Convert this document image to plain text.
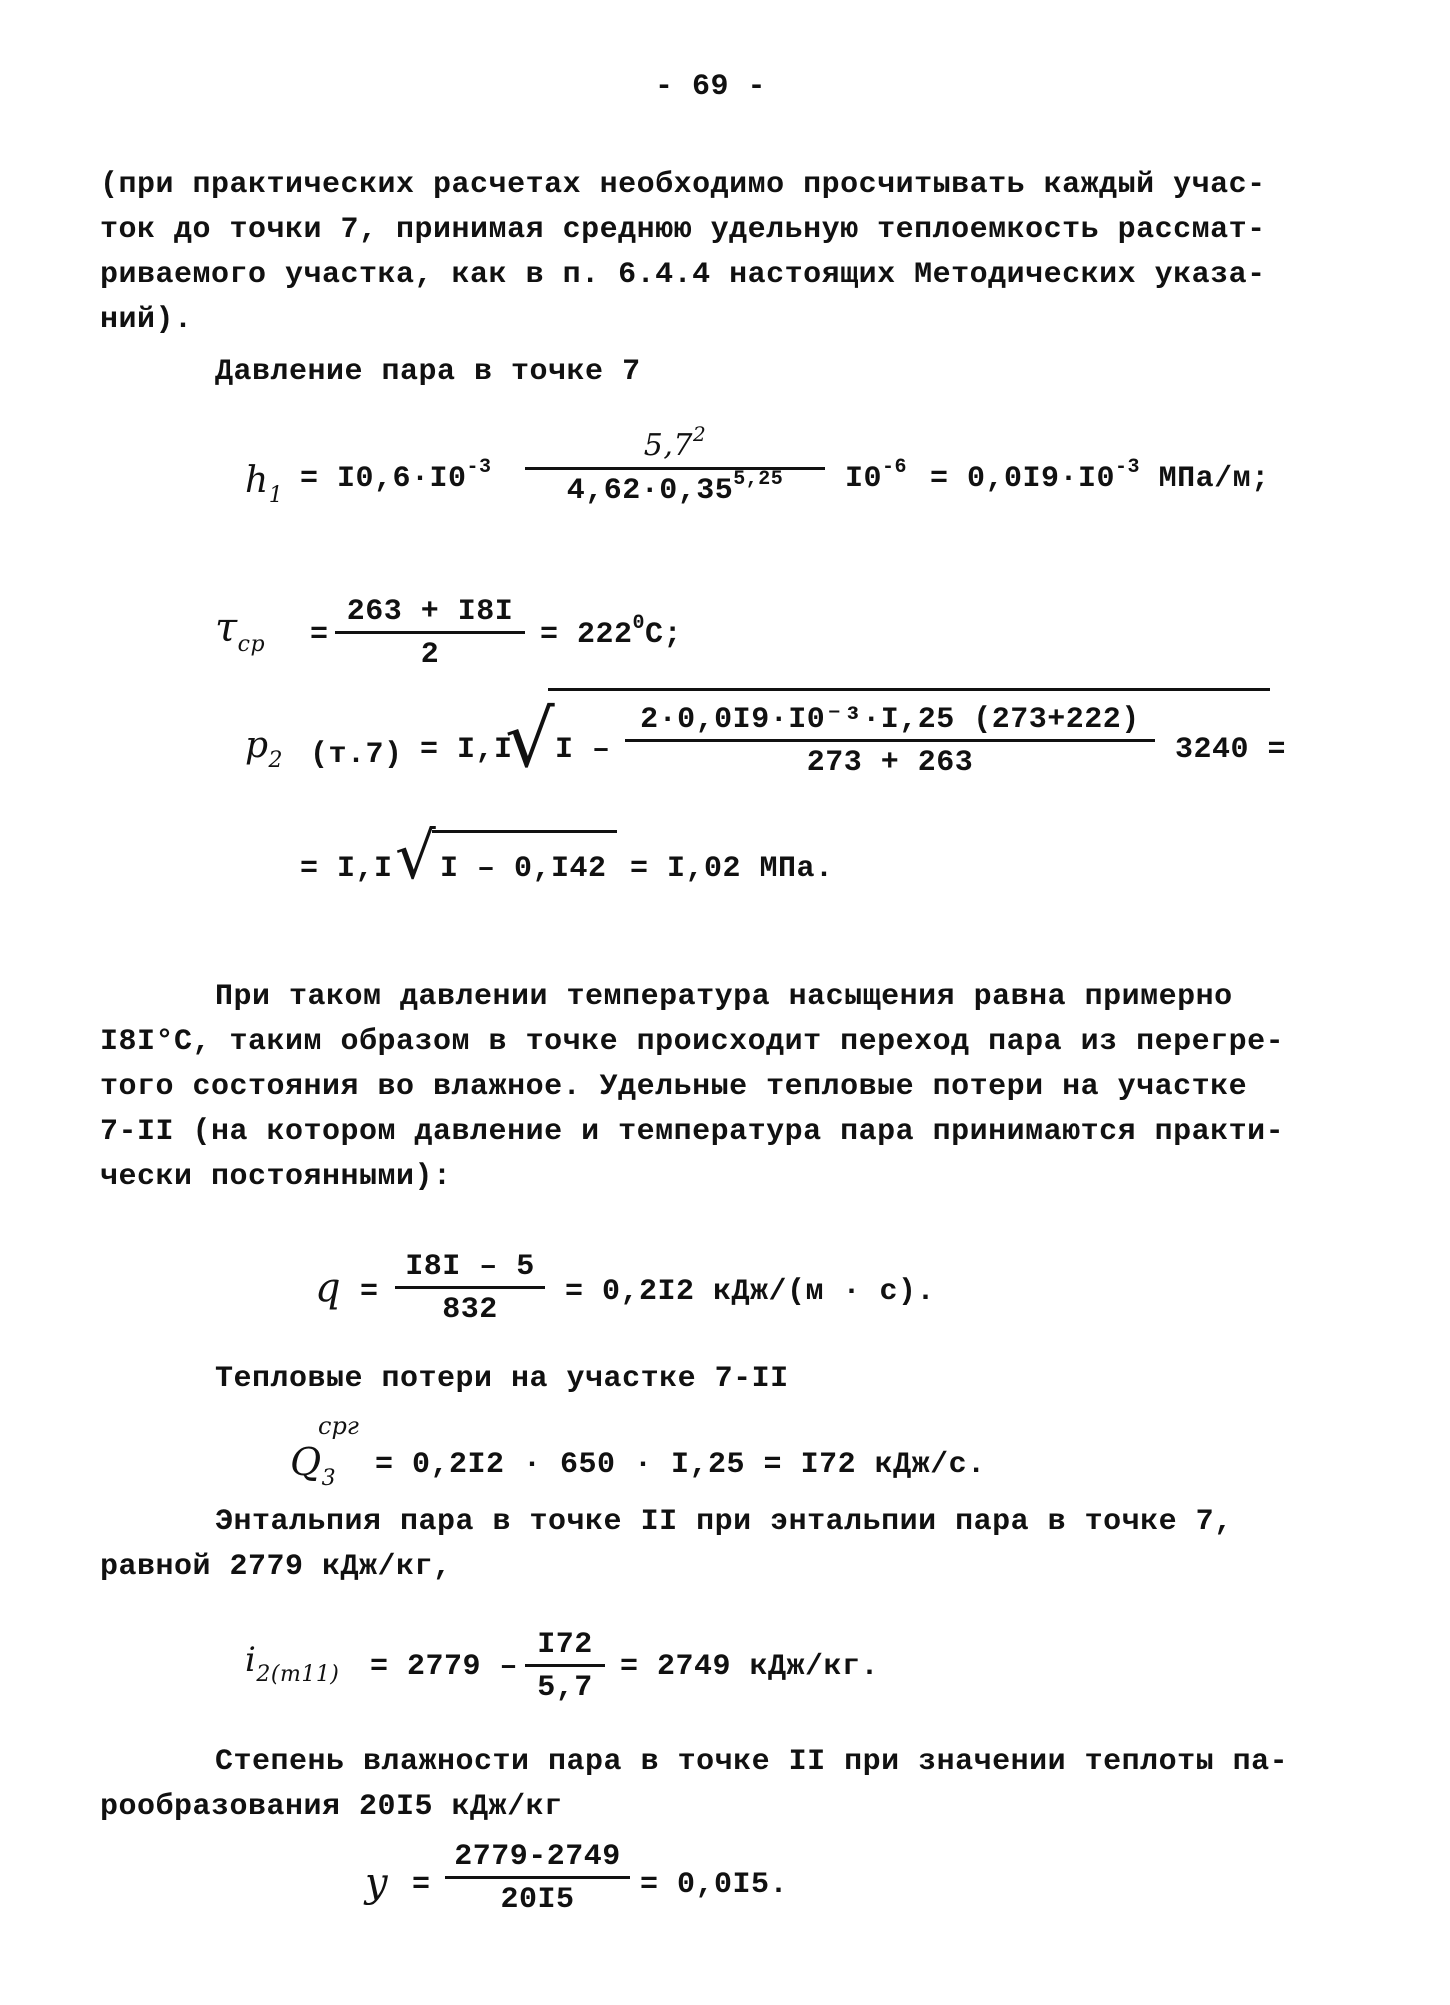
- 69 -
(при практических расчетах необходимо просчитывать каждый учас-
ток до точки 7, принимая среднюю удельную теплоемкость рассмат-
риваемого участка, как в п. 6.4.4 настоящих Методических указа-
ний).
Давление пара в точке 7
$h_1 = I0,6\cdot I0^{-3} \frac{5,7^2}{4,62\cdot 0,35^{5,25}} I0^{-6} = 0,0I9\cdot I0^{-3}$ МПа/м;
$\tau_{ср} = \frac{263 + I8I}{2} = 222^0С$;
$p_2$ (т.7) = I,I
√ I – $\frac{\text{2·0,0I9·I0⁻³·I,25 (273+222)}}{273 + 263} 3240$ =
= I,I √ I – 0,I42 = I,02 МПа.
При таком давлении температура насыщения равна примерно
I8I°С, таким образом в точке происходит переход пара из перегре-
того состояния во влажное. Удельные тепловые потери на участке
7-II (на котором давление и температура пара принимаются практи-
чески постоянными):
$q = \frac{I8I - 5}{832} = 0,2I2$ кДж/(м · с).
Тепловые потери на участке 7-II
$Q_3$
срг
= 0,2I2 · 650 · I,25 = I72 кДж/с.
Энтальпия пара в точке II при энтальпии пара в точке 7,
равной 2779 кДж/кг,
$i_{2(т11)} = 2779 - \frac{I72}{5,7} = 2749$ кДж/кг.
Степень влажности пара в точке II при значении теплоты па-
рообразования 20I5 кДж/кг
$y = \frac{2779-2749}{20I5} = 0,0I5$.
